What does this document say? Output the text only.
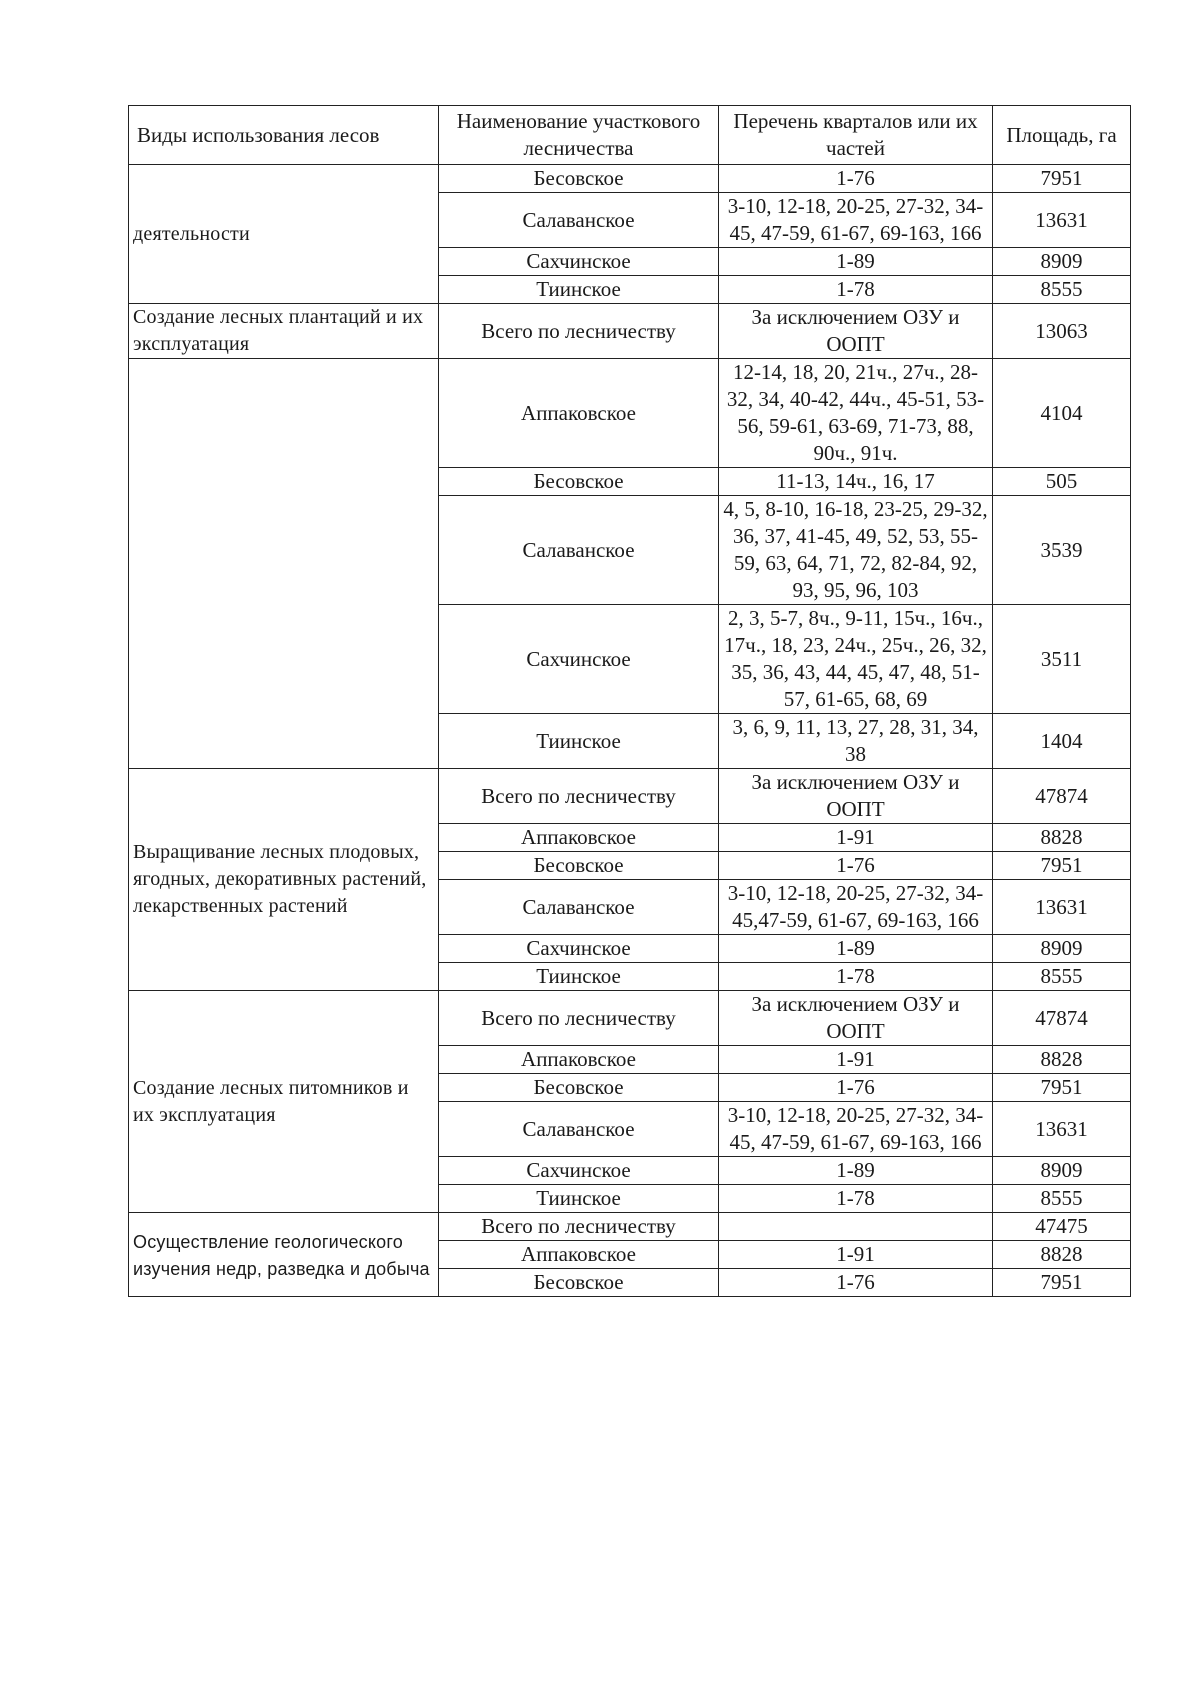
Виды использования лесов	Наименование участкового лесничества	Перечень кварталов или их частей	Площадь, га
деятельности	Бесовское	1-76	7951
	Салаванское	3-10, 12-18, 20-25, 27-32, 34-45, 47-59, 61-67, 69-163, 166	13631
	Сахчинское	1-89	8909
	Тиинское	1-78	8555
Создание лесных плантаций и их эксплуатация	Всего по лесничеству	За исключением ОЗУ и ООПТ	13063
	Аппаковское	12-14, 18, 20, 21ч., 27ч., 28-32, 34, 40-42, 44ч., 45-51, 53-56, 59-61, 63-69, 71-73, 88, 90ч., 91ч.	4104
	Бесовское	11-13, 14ч., 16, 17	505
	Салаванское	4, 5, 8-10, 16-18, 23-25, 29-32, 36, 37, 41-45, 49, 52, 53, 55-59, 63, 64, 71, 72, 82-84, 92, 93, 95, 96, 103	3539
	Сахчинское	2, 3, 5-7, 8ч., 9-11, 15ч., 16ч., 17ч., 18, 23, 24ч., 25ч., 26, 32, 35, 36, 43, 44, 45, 47, 48, 51-57, 61-65, 68, 69	3511
	Тиинское	3, 6, 9, 11, 13, 27, 28, 31, 34, 38	1404
Выращивание лесных плодовых, ягодных, декоративных растений, лекарственных растений	Всего по лесничеству	За исключением ОЗУ и ООПТ	47874
	Аппаковское	1-91	8828
	Бесовское	1-76	7951
	Салаванское	3-10, 12-18, 20-25, 27-32, 34-45,47-59, 61-67, 69-163, 166	13631
	Сахчинское	1-89	8909
	Тиинское	1-78	8555
Создание лесных питомников и их эксплуатация	Всего по лесничеству	За исключением ОЗУ и ООПТ	47874
	Аппаковское	1-91	8828
	Бесовское	1-76	7951
	Салаванское	3-10, 12-18, 20-25, 27-32, 34-45, 47-59, 61-67, 69-163, 166	13631
	Сахчинское	1-89	8909
	Тиинское	1-78	8555
Осуществление геологического изучения недр, разведка и добыча	Всего по лесничеству		47475
	Аппаковское	1-91	8828
	Бесовское	1-76	7951
